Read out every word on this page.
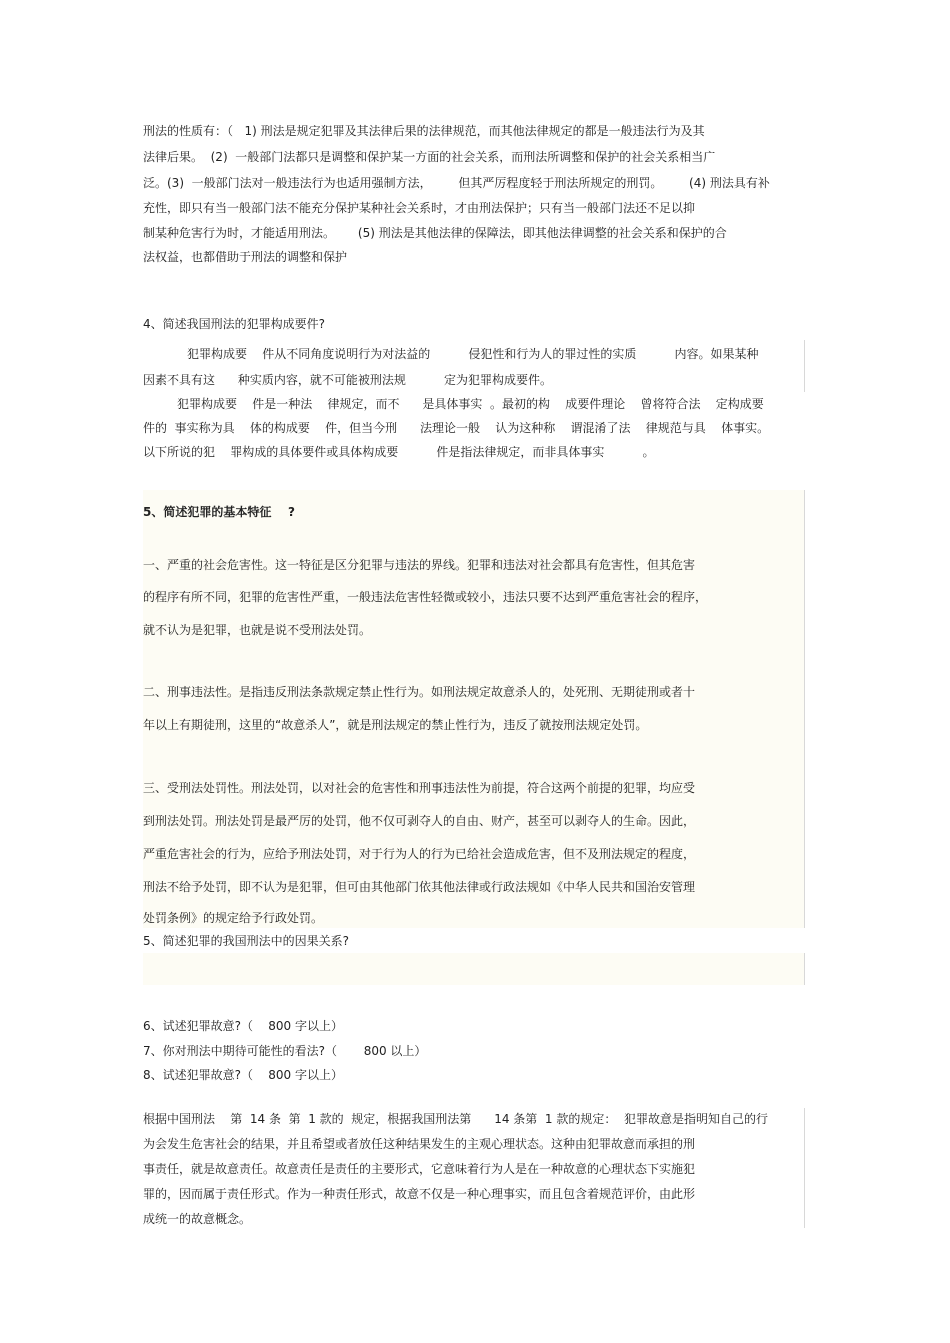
刑法的性质有：（   1) 刑法是规定犯罪及其法律后果的法律规范，而其他法律规定的都是一般违法行为及其
法律后果。  (2)  一般部门法都只是调整和保护某一方面的社会关系，而刑法所调整和保护的社会关系相当广
泛。(3)  一般部门法对一般违法行为也适用强制方法，       但其严厉程度轻于刑法所规定的刑罚。       (4) 刑法具有补
充性，即只有当一般部门法不能充分保护某种社会关系时，才由刑法保护；只有当一般部门法还不足以抑
制某种危害行为时，才能适用刑法。      (5) 刑法是其他法律的保障法，即其他法律调整的社会关系和保护的合
法权益，也都借助于刑法的调整和保护
4、简述我国刑法的犯罪构成要件?
犯罪构成要    件从不同角度说明行为对法益的          侵犯性和行为人的罪过性的实质          内容。如果某种
因素不具有这      种实质内容，就不可能被刑法规          定为犯罪构成要件。
犯罪构成要    件是一种法    律规定，而不      是具体事实  。最初的构    成要件理论    曾将符合法    定构成要
件的  事实称为具    体的构成要    件，但当今刑      法理论一般    认为这种称    谓混淆了法    律规范与具    体事实。
以下所说的犯    罪构成的具体要件或具体构成要          件是指法律规定，而非具体事实          。
5、简述犯罪的基本特征    ?
一、严重的社会危害性。这一特征是区分犯罪与违法的界线。犯罪和违法对社会都具有危害性，但其危害
的程序有所不同，犯罪的危害性严重，一般违法危害性轻微或较小，违法只要不达到严重危害社会的程序，
就不认为是犯罪，也就是说不受刑法处罚。
二、刑事违法性。是指违反刑法条款规定禁止性行为。如刑法规定故意杀人的，处死刑、无期徒刑或者十
年以上有期徒刑，这里的“故意杀人”，就是刑法规定的禁止性行为，违反了就按刑法规定处罚。
三、受刑法处罚性。刑法处罚，以对社会的危害性和刑事违法性为前提，符合这两个前提的犯罪，均应受
到刑法处罚。刑法处罚是最严厉的处罚，他不仅可剥夺人的自由、财产，甚至可以剥夺人的生命。因此，
严重危害社会的行为，应给予刑法处罚，对于行为人的行为已给社会造成危害，但不及刑法规定的程度，
刑法不给予处罚，即不认为是犯罪，但可由其他部门依其他法律或行政法规如《中华人民共和国治安管理
处罚条例》的规定给予行政处罚。
5、简述犯罪的我国刑法中的因果关系?
6、试述犯罪故意?（    800 字以上）
7、你对刑法中期待可能性的看法?（       800 以上）
8、试述犯罪故意?（    800 字以上）
根据中国刑法    第  14 条  第  1 款的  规定，根据我国刑法第      14 条第  1 款的规定：  犯罪故意是指明知自己的行
为会发生危害社会的结果，并且希望或者放任这种结果发生的主观心理状态。这种由犯罪故意而承担的刑
事责任，就是故意责任。故意责任是责任的主要形式，它意味着行为人是在一种故意的心理状态下实施犯
罪的，因而属于责任形式。作为一种责任形式，故意不仅是一种心理事实，而且包含着规范评价，由此形
成统一的故意概念。
